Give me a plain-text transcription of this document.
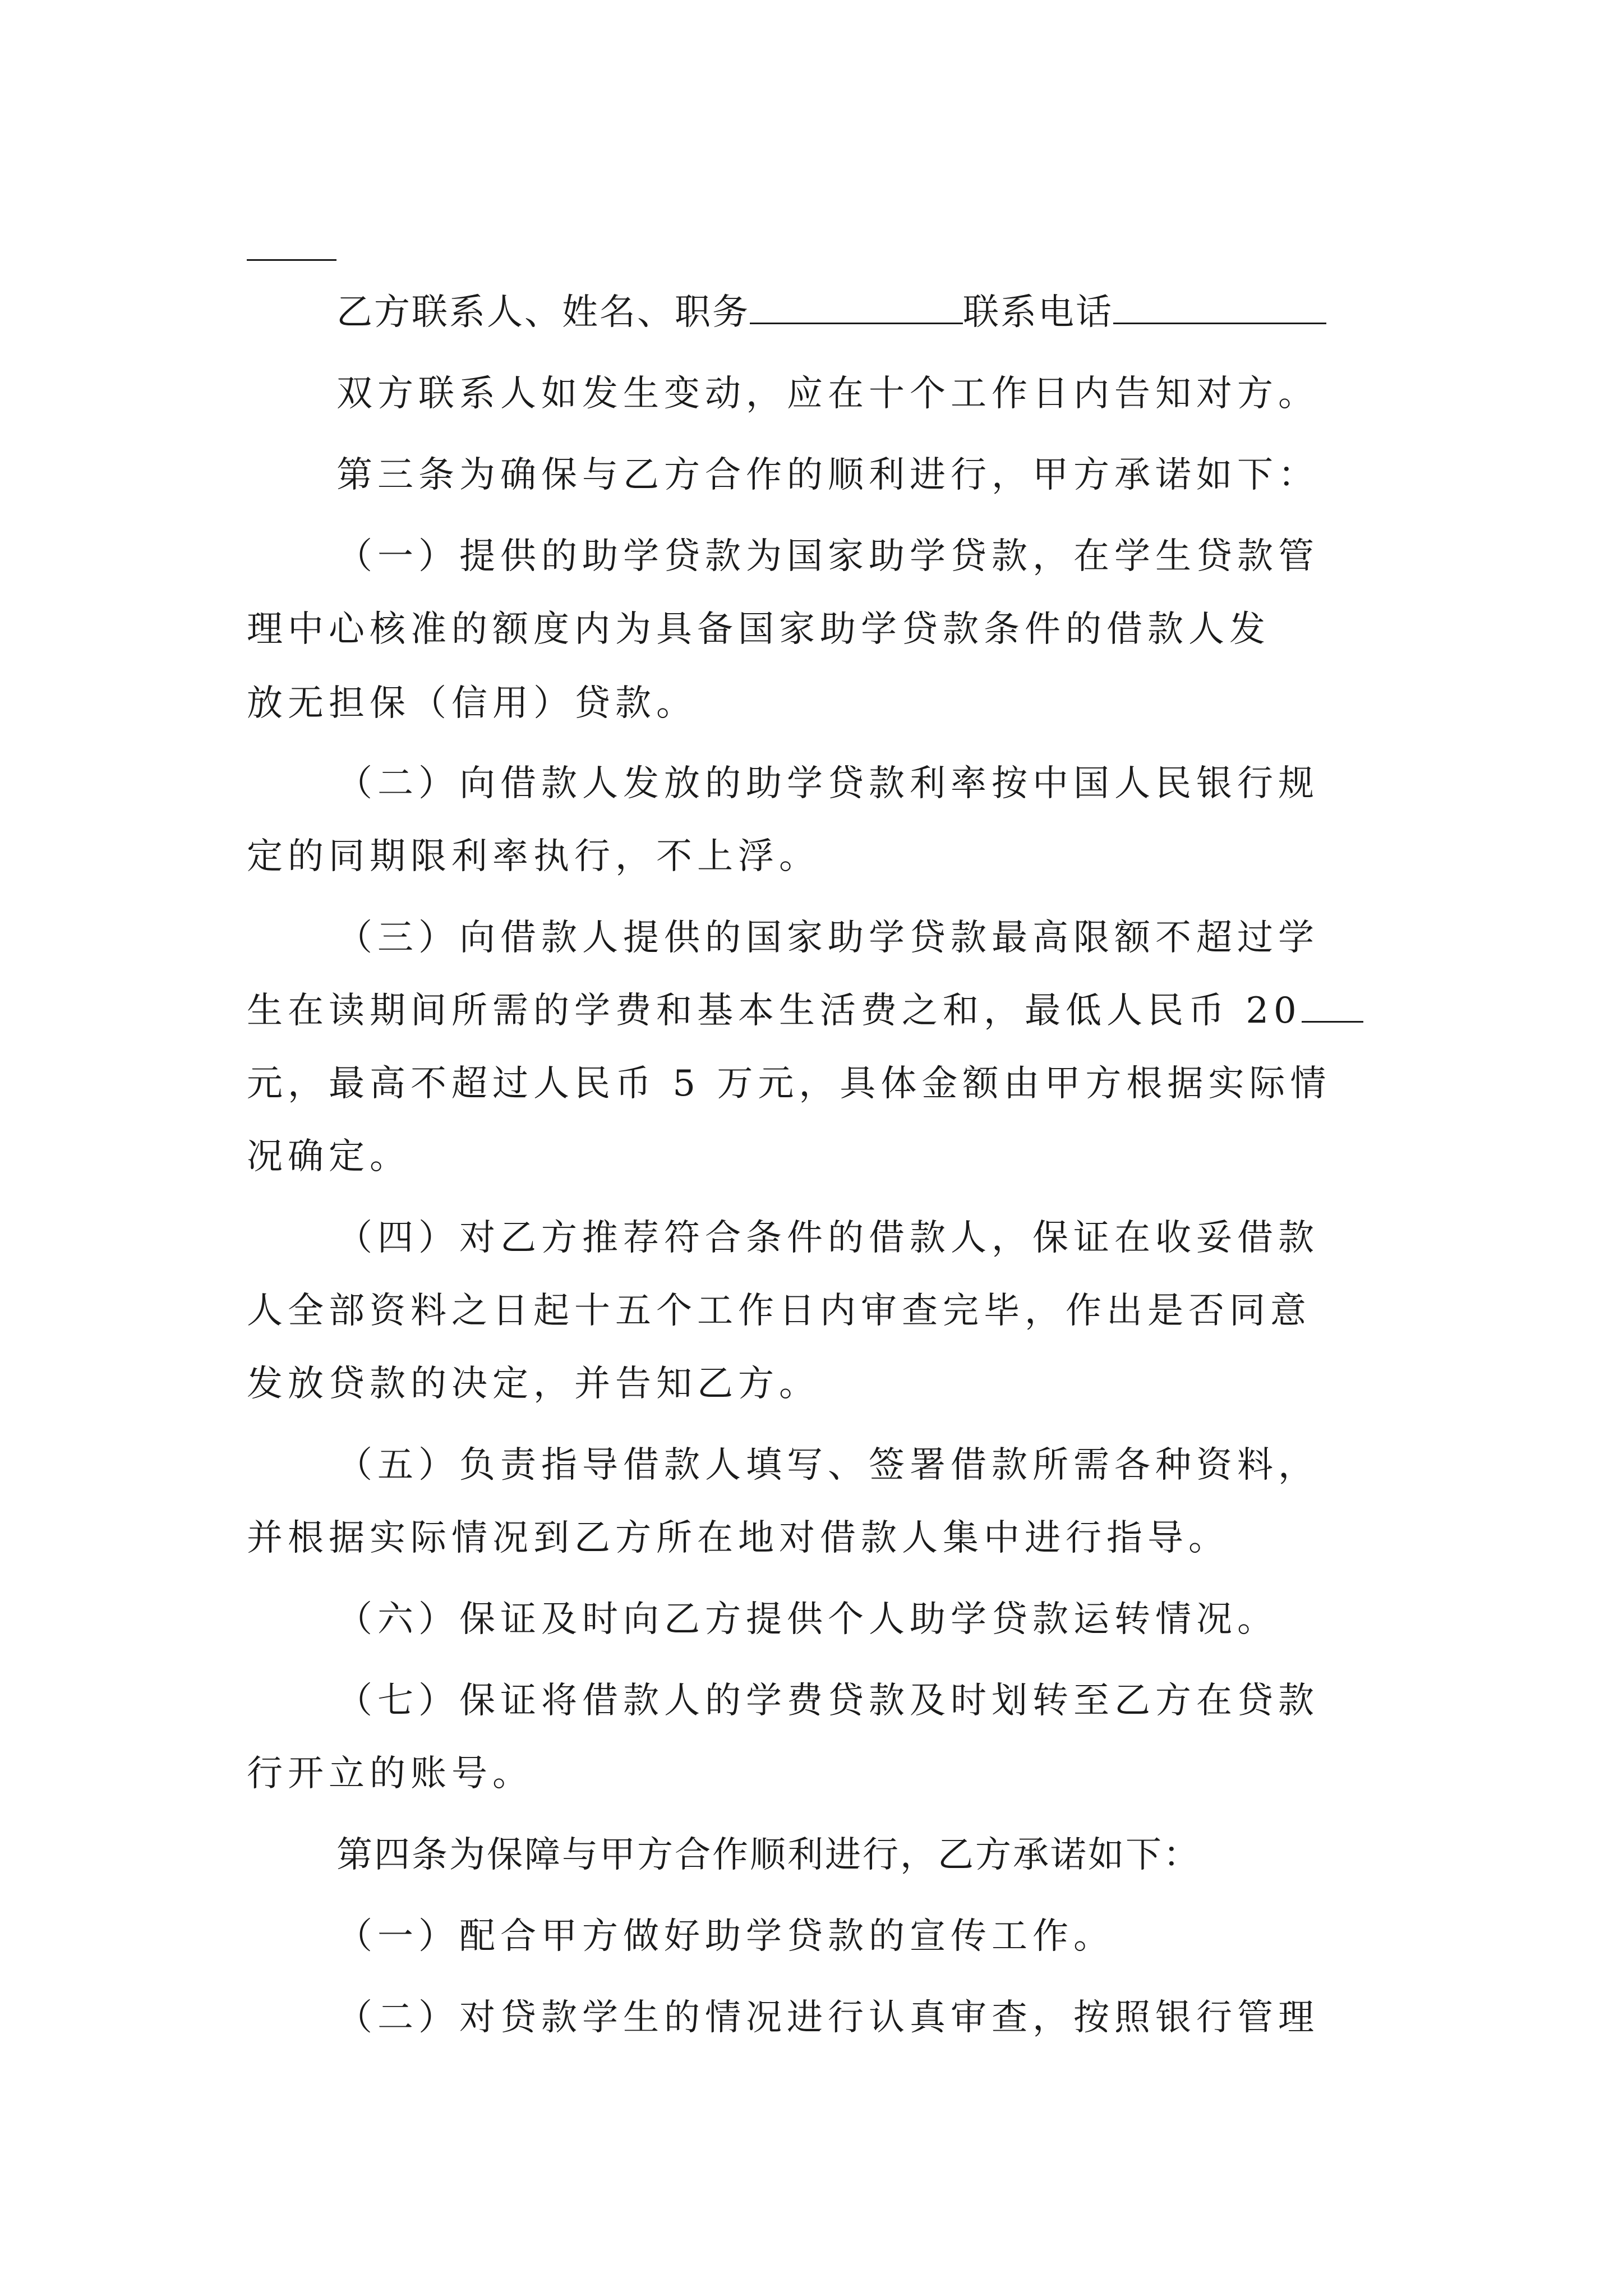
乙方联系人、姓名、职务	联系电话
双方联系人如发生变动，应在十个工作日内告知对方。
第三条为确保与乙方合作的顺利进行，甲方承诺如下：
（一）提供的助学贷款为国家助学贷款，在学生贷款管
理中心核准的额度内为具备国家助学贷款条件的借款人发
放无担保（信用）贷款。
（二）向借款人发放的助学贷款利率按中国人民银行规
定的同期限利率执行，不上浮。
（三）向借款人提供的国家助学贷款最高限额不超过学
生在读期间所需的学费和基本生活费之和，最低人民币 20
元，最高不超过人民币 5 万元，具体金额由甲方根据实际情
况确定。
（四）对乙方推荐符合条件的借款人，保证在收妥借款
人全部资料之日起十五个工作日内审查完毕，作出是否同意
发放贷款的决定，并告知乙方。
（五）负责指导借款人填写、签署借款所需各种资料，
并根据实际情况到乙方所在地对借款人集中进行指导。
（六）保证及时向乙方提供个人助学贷款运转情况。
（七）保证将借款人的学费贷款及时划转至乙方在贷款
行开立的账号。
第四条为保障与甲方合作顺利进行，乙方承诺如下：
（一）配合甲方做好助学贷款的宣传工作。
（二）对贷款学生的情况进行认真审查，按照银行管理
